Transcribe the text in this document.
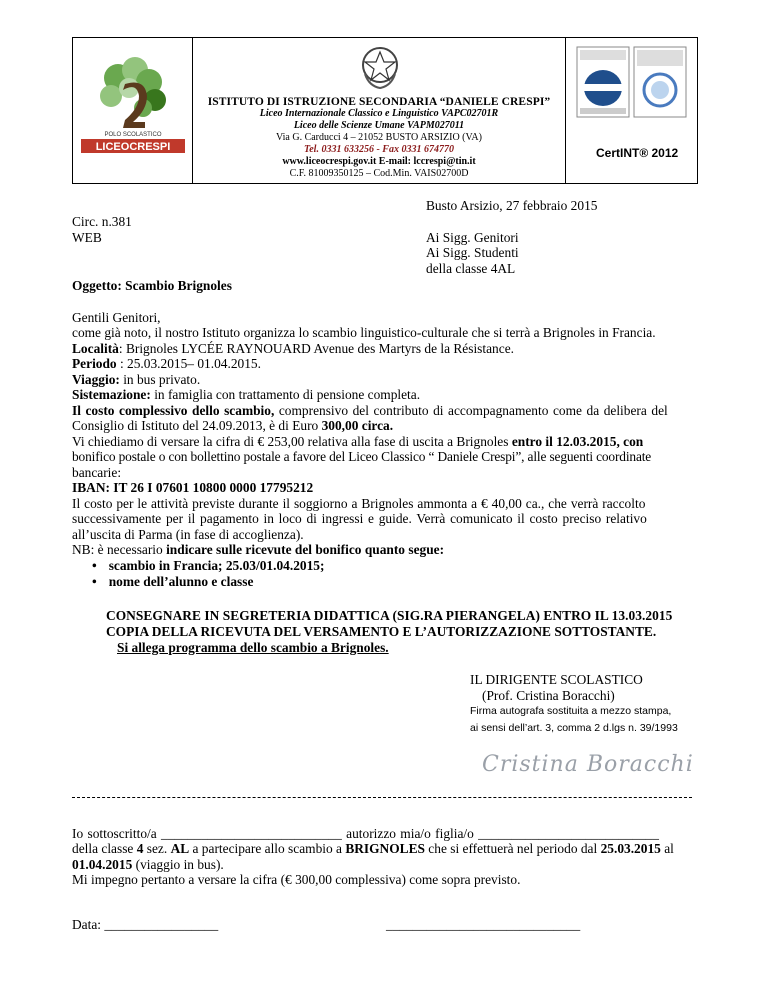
POLO SCOLASTICO
LICEOCRESPI
ISTITUTO DI ISTRUZIONE SECONDARIA “DANIELE CRESPI”
Liceo Internazionale Classico e Linguistico VAPC02701R
Liceo delle Scienze Umane VAPM027011
Via G. Carducci 4 – 21052 BUSTO ARSIZIO (VA)
Tel. 0331 633256 - Fax 0331 674770
www.liceocrespi.gov.it E-mail: lccrespi@tin.it
C.F. 81009350125 – Cod.Min. VAIS02700D
CertINT® 2012
Busto Arsizio, 27 febbraio 2015
Circ. n.381
WEB	Ai Sigg. Genitori
Ai Sigg. Studenti
della classe 4AL
Oggetto: Scambio Brignoles
Gentili Genitori,
come già noto, il nostro Istituto organizza lo scambio linguistico-culturale che si terrà a Brignoles in Francia.
Località: Brignoles LYCÉE RAYNOUARD Avenue des Martyrs de la Résistance.
Periodo : 25.03.2015– 01.04.2015.
Viaggio: in bus privato.
Sistemazione: in famiglia con trattamento di pensione completa.
Il costo complessivo dello scambio, comprensivo del contributo di accompagnamento come da delibera del
Consiglio di Istituto del 24.09.2013, è di Euro 300,00 circa.
Vi chiediamo di versare la cifra di € 253,00 relativa alla fase di uscita a Brignoles entro il 12.03.2015, con
bonifico postale o con bollettino postale a favore del Liceo Classico “ Daniele Crespi”, alle seguenti coordinate
bancarie:
IBAN: IT 26 I 07601 10800 0000 17795212
Il costo per le attività previste durante il soggiorno a Brignoles ammonta a € 40,00 ca., che verrà raccolto
successivamente per il pagamento in loco di ingressi e guide. Verrà comunicato il costo preciso relativo
all’uscita di Parma (in fase di accoglienza).
NB: è necessario indicare sulle ricevute del bonifico quanto segue:
• scambio in Francia; 25.03/01.04.2015;
• nome dell’alunno e classe
CONSEGNARE IN SEGRETERIA DIDATTICA (SIG.RA PIERANGELA) ENTRO IL 13.03.2015
COPIA DELLA RICEVUTA DEL VERSAMENTO E L’AUTORIZZAZIONE SOTTOSTANTE.
Si allega programma dello scambio a Brignoles.
IL DIRIGENTE SCOLASTICO
(Prof. Cristina Boracchi)
Firma autografa sostituita a mezzo stampa,
ai sensi dell’art. 3, comma 2 d.lgs n. 39/1993
Cristina Boracchi
Io sottoscritto/a ___________________________ autorizzo mia/o figlia/o ___________________________
della classe 4 sez. AL a partecipare allo scambio a BRIGNOLES che si effettuerà nel periodo dal 25.03.2015 al
01.04.2015 (viaggio in bus).
Mi impegno pertanto a versare la cifra (€ 300,00 complessiva) come sopra previsto.
Data: _________________	_____________________________
